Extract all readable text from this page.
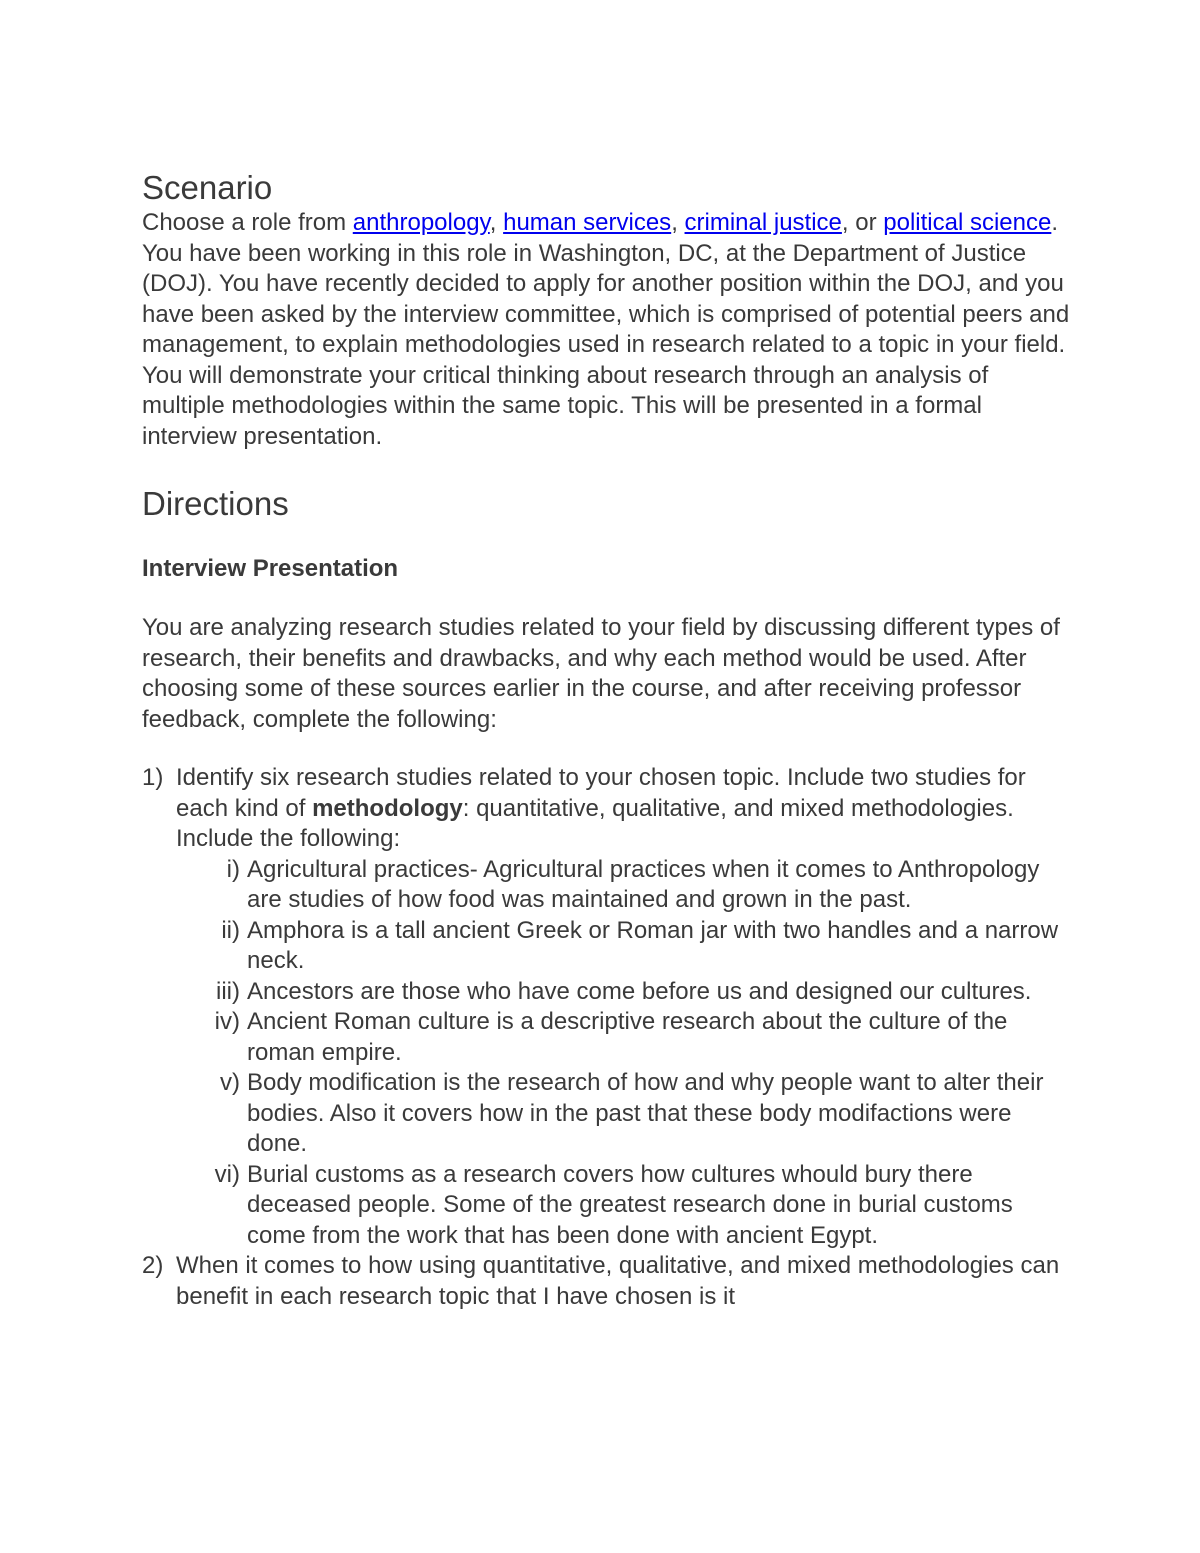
Scenario

Choose a role from anthropology, human services, criminal justice, or political science. You have been working in this role in Washington, DC, at the Department of Justice (DOJ). You have recently decided to apply for another position within the DOJ, and you have been asked by the interview committee, which is comprised of potential peers and management, to explain methodologies used in research related to a topic in your field. You will demonstrate your critical thinking about research through an analysis of multiple methodologies within the same topic. This will be presented in a formal interview presentation.

Directions
Interview Presentation

You are analyzing research studies related to your field by discussing different types of research, their benefits and drawbacks, and why each method would be used. After choosing some of these sources earlier in the course, and after receiving professor feedback, complete the following:

1) Identify six research studies related to your chosen topic. Include two studies for each kind of methodology: quantitative, qualitative, and mixed methodologies. Include the following:
i) Agricultural practices- Agricultural practices when it comes to Anthropology are studies of how food was maintained and grown in the past.
ii) Amphora is a tall ancient Greek or Roman jar with two handles and a narrow neck.
iii) Ancestors are those who have come before us and designed our cultures.
iv) Ancient Roman culture is a descriptive research about the culture of the roman empire.
v) Body modification is the research of how and why people want to alter their bodies. Also it covers how in the past that these body modifactions were done.
vi) Burial customs as a research covers how cultures whould bury there deceased people. Some of the greatest research done in burial customs come from the work that has been done with ancient Egypt.
2) When it comes to how using quantitative, qualitative, and mixed methodologies can benefit in each research topic that I have chosen is it
